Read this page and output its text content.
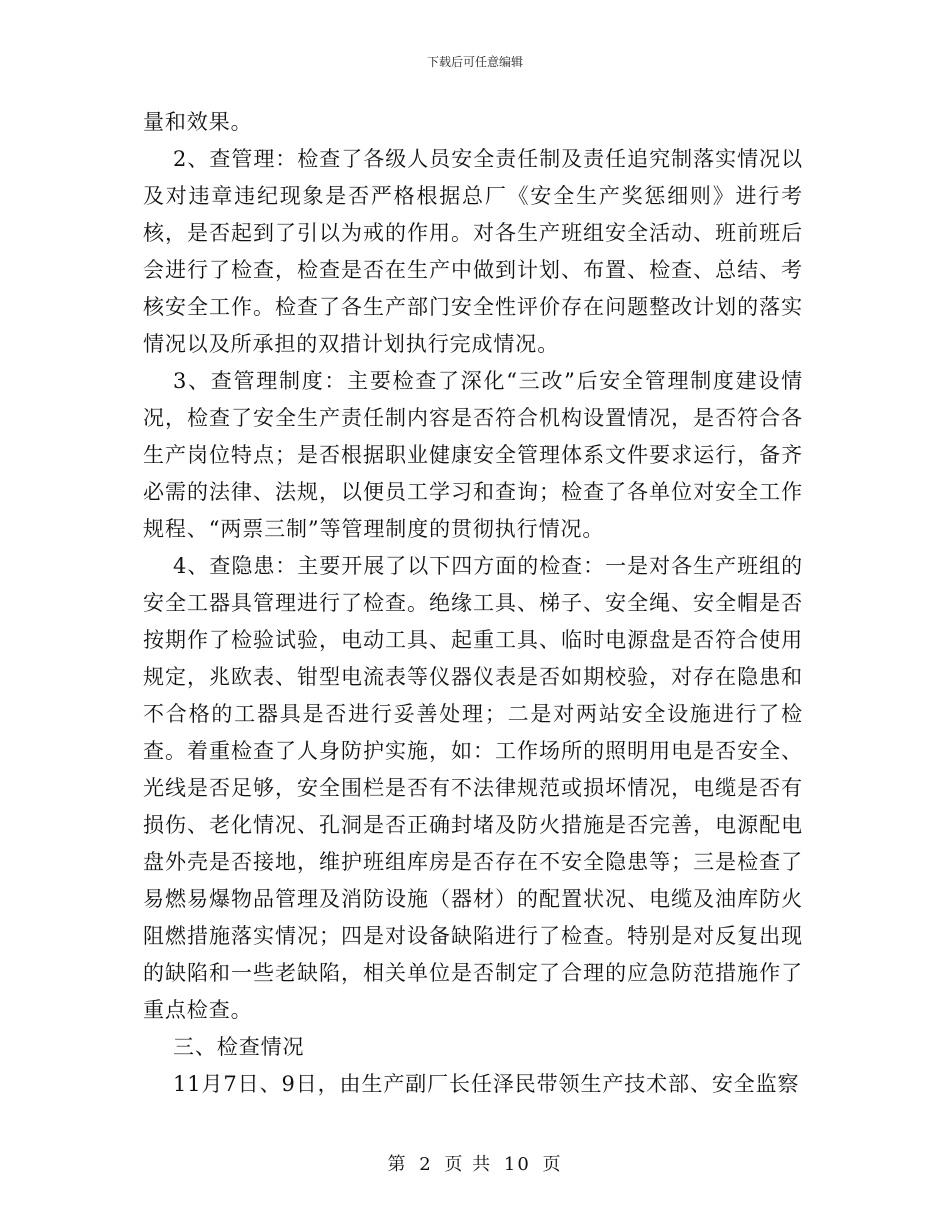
下载后可任意编辑

量和效果。

2、查管理：检查了各级人员安全责任制及责任追究制落实情况以及对违章违纪现象是否严格根据总厂《安全生产奖惩细则》进行考核，是否起到了引以为戒的作用。对各生产班组安全活动、班前班后会进行了检查，检查是否在生产中做到计划、布置、检查、总结、考核安全工作。检查了各生产部门安全性评价存在问题整改计划的落实情况以及所承担的双措计划执行完成情况。

3、查管理制度：主要检查了深化“三改”后安全管理制度建设情况，检查了安全生产责任制内容是否符合机构设置情况，是否符合各生产岗位特点；是否根据职业健康安全管理体系文件要求运行，备齐必需的法律、法规，以便员工学习和查询；检查了各单位对安全工作规程、“两票三制”等管理制度的贯彻执行情况。

4、查隐患：主要开展了以下四方面的检查：一是对各生产班组的安全工器具管理进行了检查。绝缘工具、梯子、安全绳、安全帽是否按期作了检验试验，电动工具、起重工具、临时电源盘是否符合使用规定，兆欧表、钳型电流表等仪器仪表是否如期校验，对存在隐患和不合格的工器具是否进行妥善处理；二是对两站安全设施进行了检查。着重检查了人身防护实施，如：工作场所的照明用电是否安全、光线是否足够，安全围栏是否有不法律规范或损坏情况，电缆是否有损伤、老化情况、孔洞是否正确封堵及防火措施是否完善，电源配电盘外壳是否接地，维护班组库房是否存在不安全隐患等；三是检查了易燃易爆物品管理及消防设施（器材）的配置状况、电缆及油库防火阻燃措施落实情况；四是对设备缺陷进行了检查。特别是对反复出现的缺陷和一些老缺陷，相关单位是否制定了合理的应急防范措施作了重点检查。

三、检查情况

11月7日、9日，由生产副厂长任泽民带领生产技术部、安全监察

第 2 页 共 10 页
